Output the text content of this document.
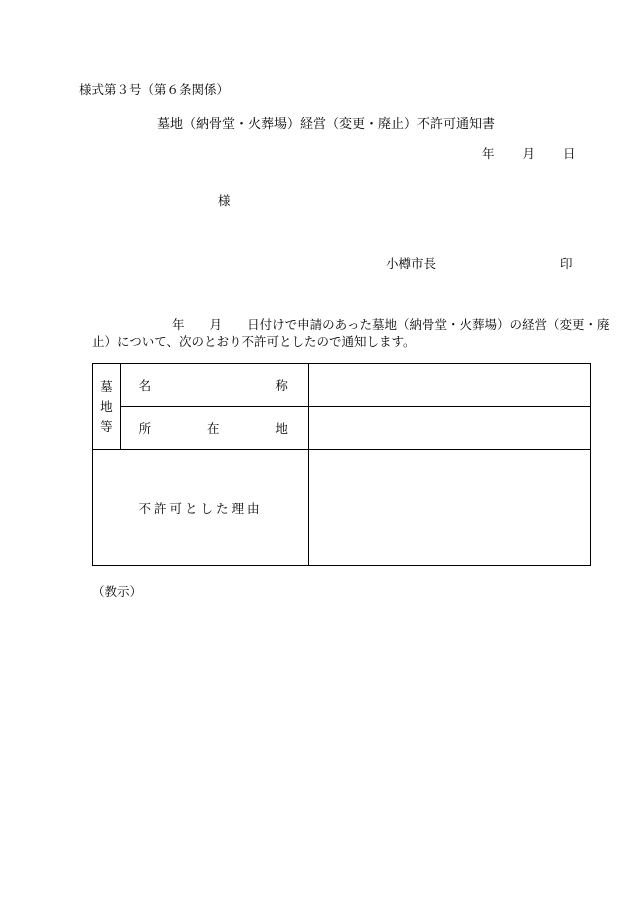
様式第３号（第６条関係）
墓地（納骨堂・火葬場）経営（変更・廃止）不許可通知書
年 月 日
様
小樽市長	印
年　　 月　　 日付けで申請のあった墓地（納骨堂・火葬場）の経営（変更・廃止）について、次のとおり不許可としたので通知します。
墓
地
等	名 称	

	所 在 地	

不許可とした理由		
（教示）
